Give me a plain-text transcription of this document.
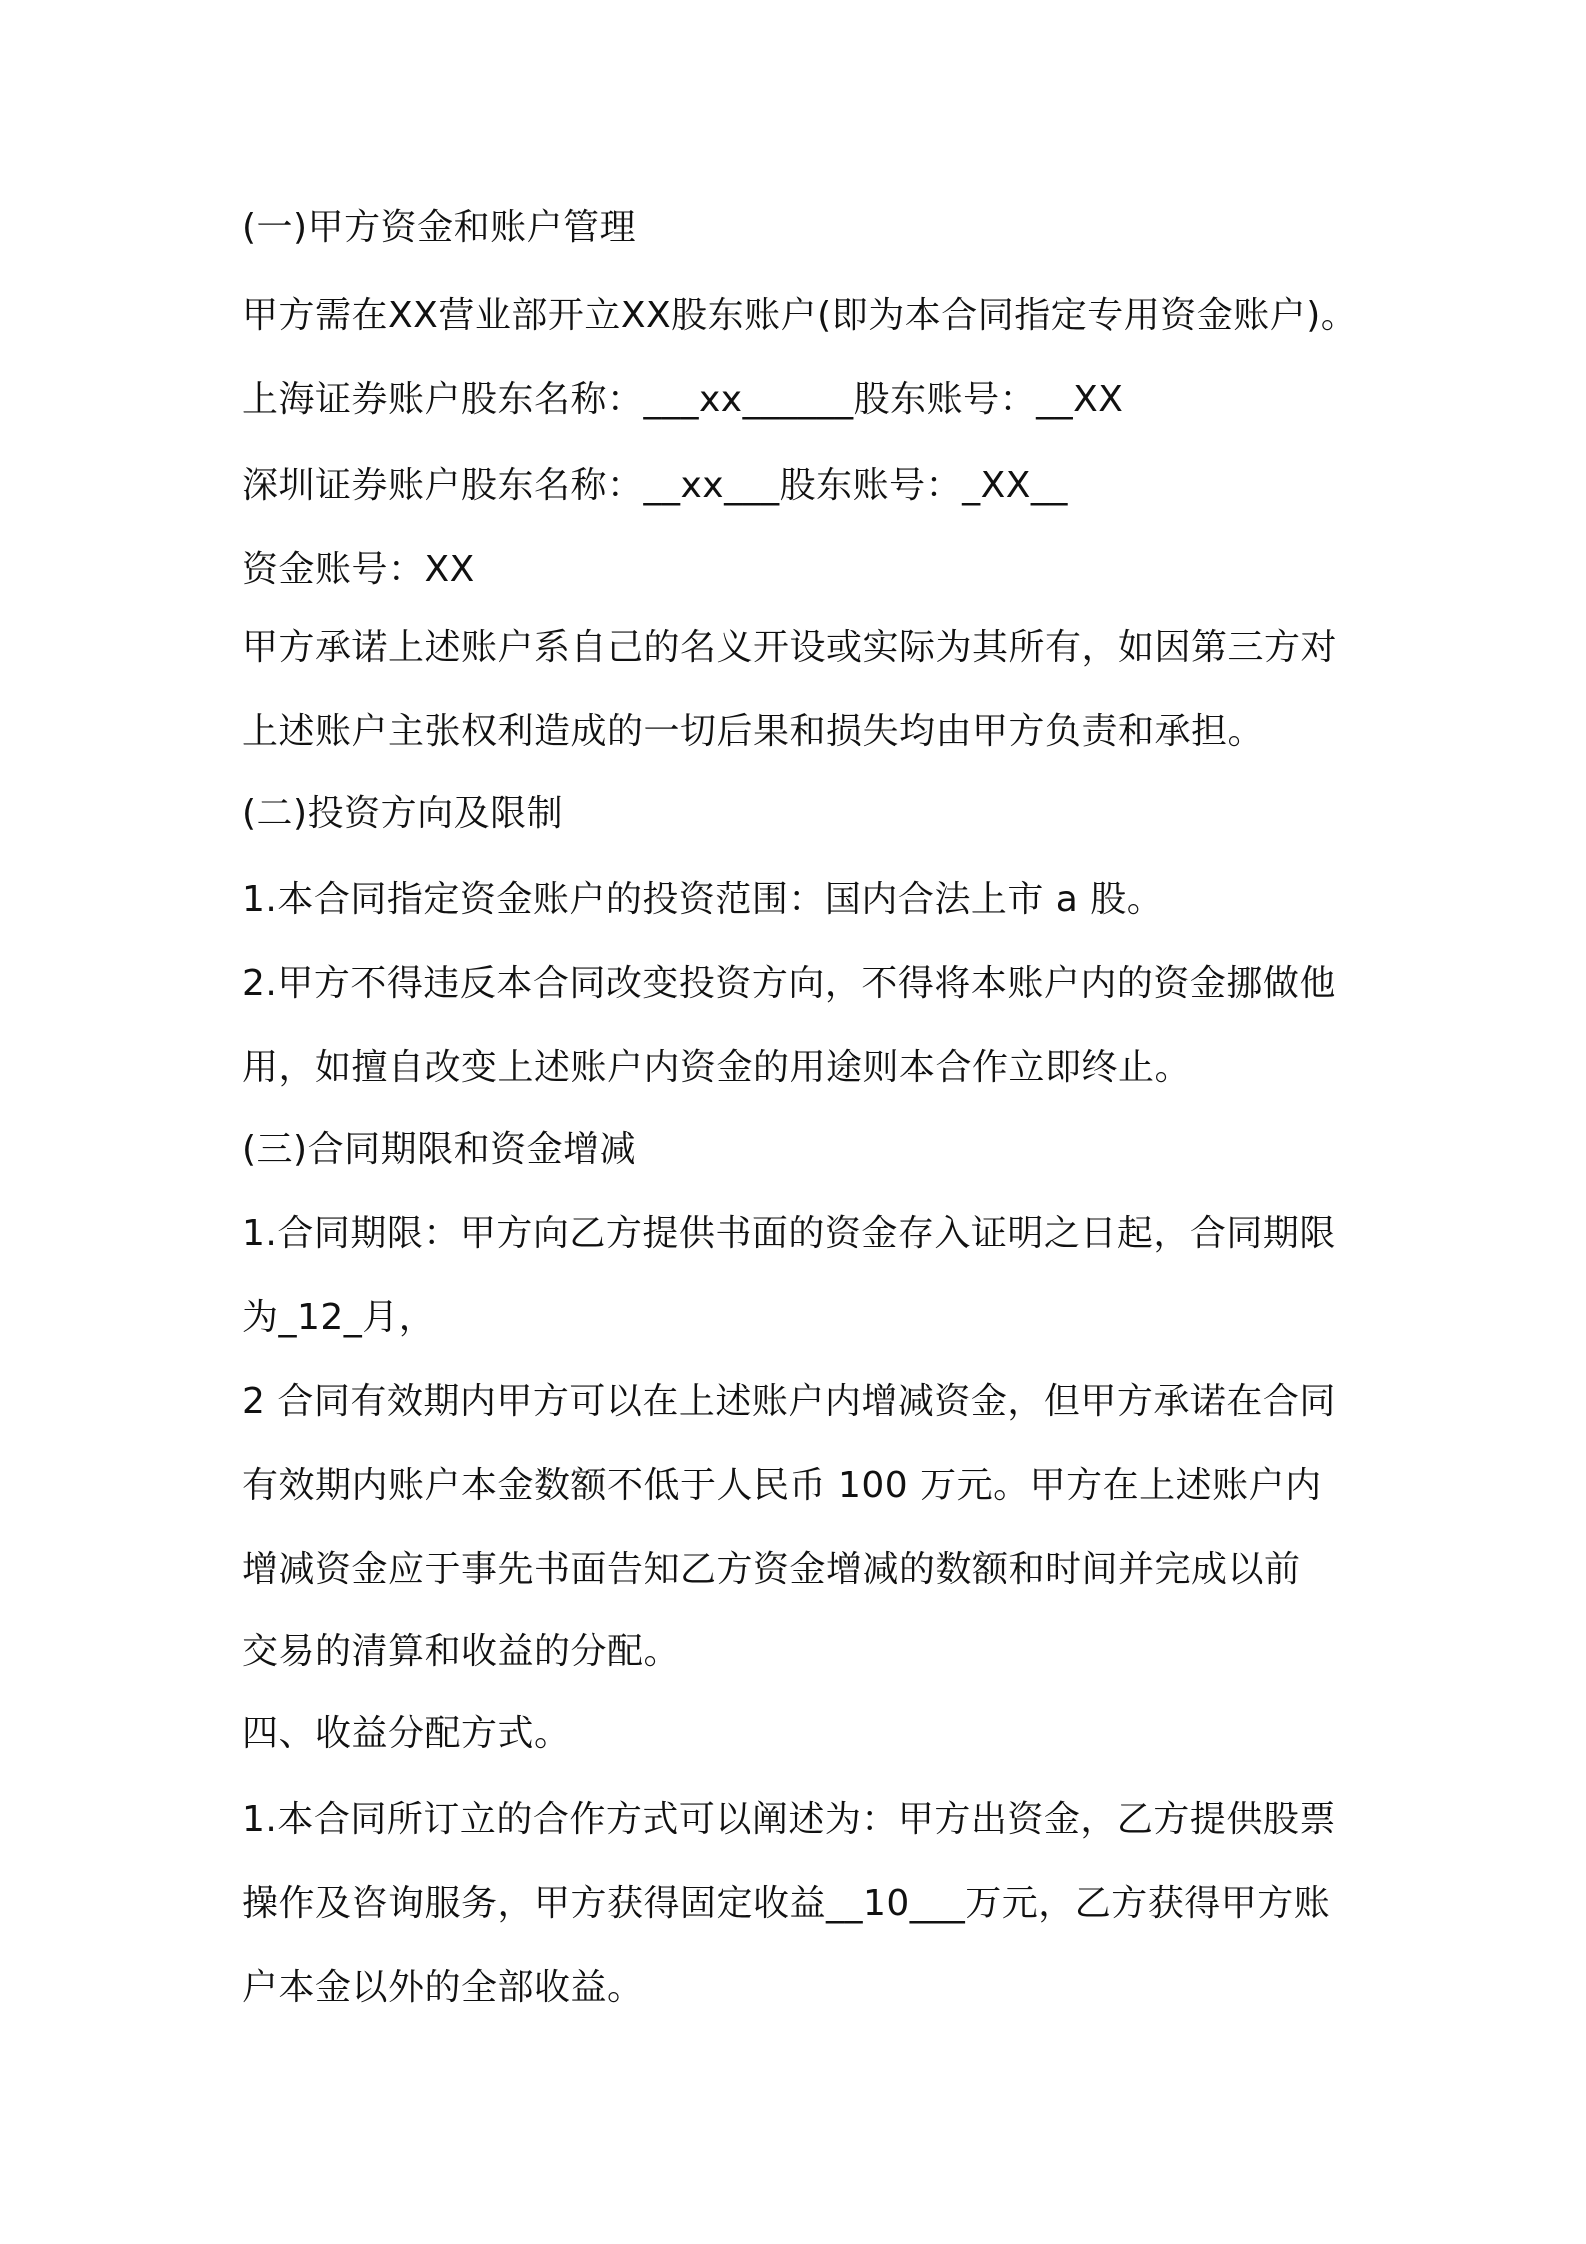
(一)甲方资金和账户管理
甲方需在XX营业部开立XX股东账户(即为本合同指定专用资金账户)。
上海证券账户股东名称：___xx______股东账号：__XX
深圳证券账户股东名称：__xx___股东账号：_XX__
资金账号：XX
甲方承诺上述账户系自己的名义开设或实际为其所有，如因第三方对
上述账户主张权利造成的一切后果和损失均由甲方负责和承担。
(二)投资方向及限制
1.本合同指定资金账户的投资范围：国内合法上市 a 股。
2.甲方不得违反本合同改变投资方向，不得将本账户内的资金挪做他
用，如擅自改变上述账户内资金的用途则本合作立即终止。
(三)合同期限和资金增减
1.合同期限：甲方向乙方提供书面的资金存入证明之日起，合同期限
为_12_月，
2 合同有效期内甲方可以在上述账户内增减资金，但甲方承诺在合同
有效期内账户本金数额不低于人民币 100 万元。甲方在上述账户内
增减资金应于事先书面告知乙方资金增减的数额和时间并完成以前
交易的清算和收益的分配。
四、收益分配方式。
1.本合同所订立的合作方式可以阐述为：甲方出资金，乙方提供股票
操作及咨询服务，甲方获得固定收益__10___万元，乙方获得甲方账
户本金以外的全部收益。
